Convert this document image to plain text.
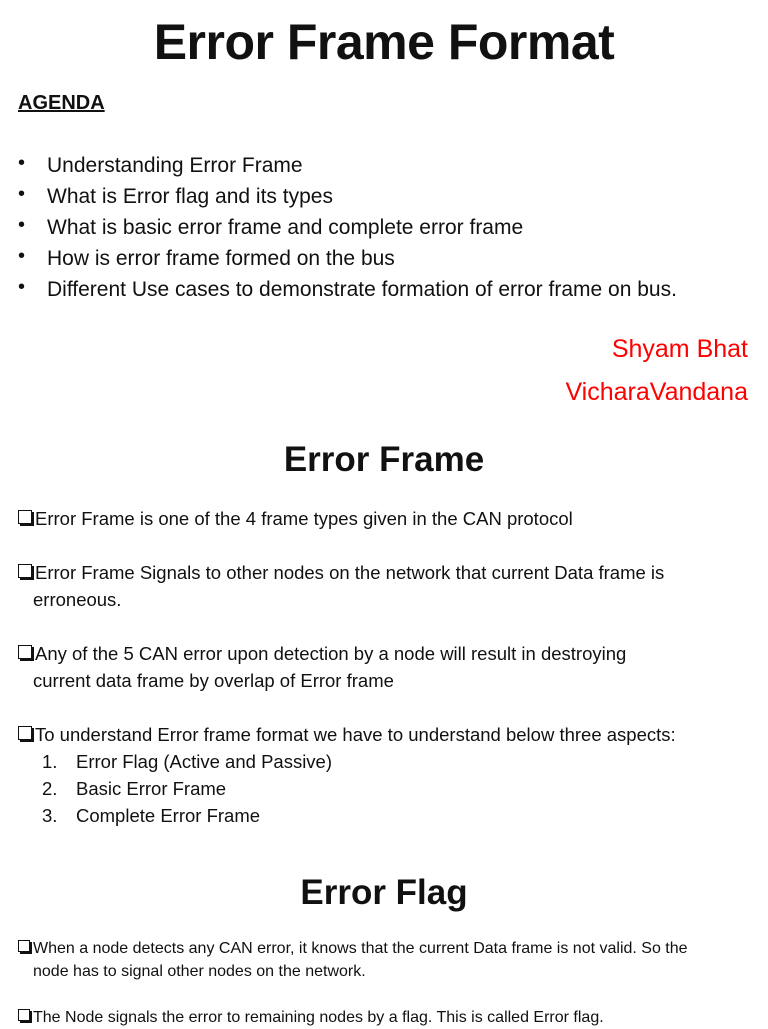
Error Frame Format
AGENDA
• Understanding Error Frame
• What is Error flag and its types
• What is basic error frame and complete error frame
• How is error frame formed on the bus
• Different Use cases to demonstrate formation of error frame on bus.
Shyam Bhat
VicharaVandana
Error Frame
Error Frame is one of the 4 frame types given in the CAN protocol
Error Frame Signals to other nodes on the network that current Data frame is
erroneous.
Any of the 5 CAN error upon detection by a node will result in destroying
current data frame by overlap of Error frame
To understand Error frame format we have to understand below three aspects:
1. Error Flag (Active and Passive)
2. Basic Error Frame
3. Complete Error Frame
Error Flag
When a node detects any CAN error, it knows that the current Data frame is not valid. So the
node has to signal other nodes on the network.
The Node signals the error to remaining nodes by a flag. This is called Error flag.
